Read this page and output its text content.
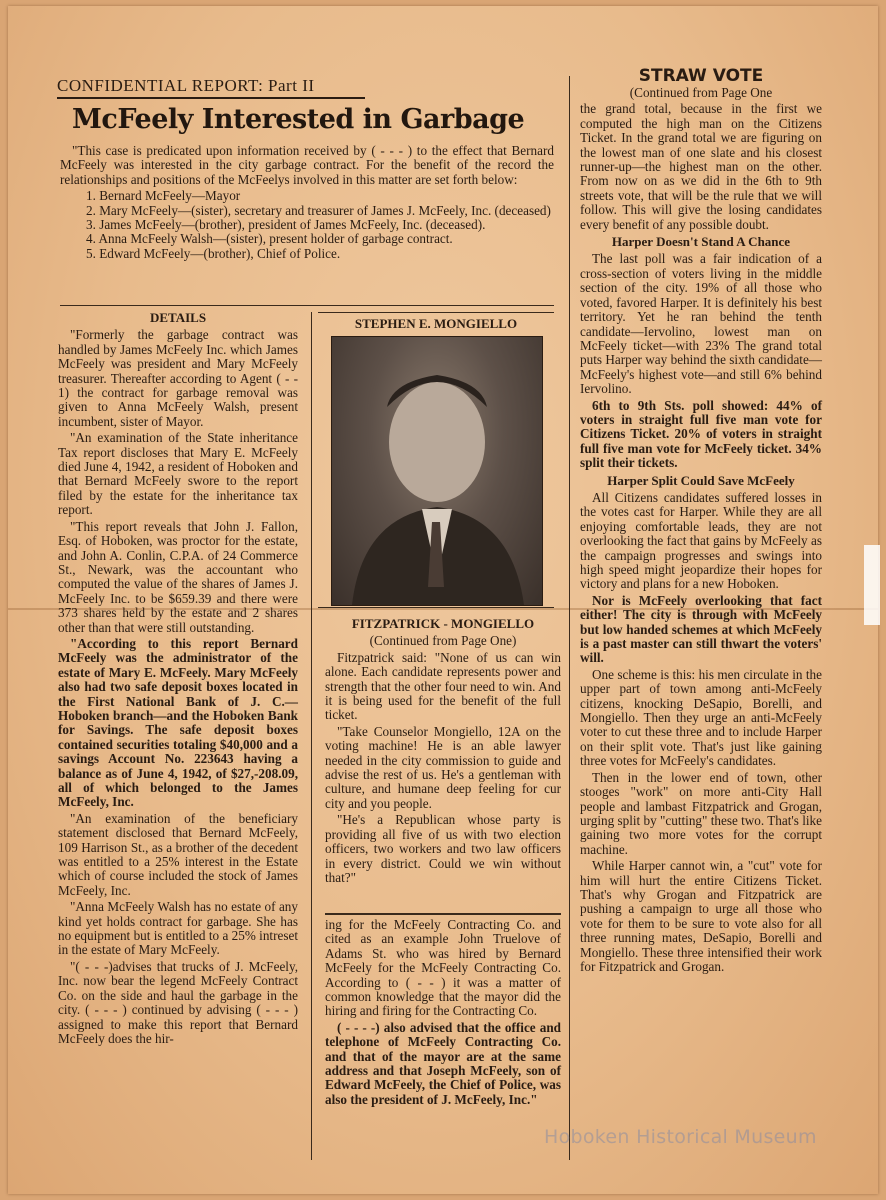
CONFIDENTIAL REPORT: Part II
McFeely Interested in Garbage

"This case is predicated upon information received by ( - - - ) to the effect that Bernard McFeely was interested in the city garbage contract. For the benefit of the record the relationships and positions of the McFeelys involved in this matter are set forth below:

1. Bernard McFeely—Mayor

2. Mary McFeely—(sister), secretary and treasurer of James J. McFeely, Inc. (deceased)

3. James McFeely—(brother), president of James McFeely, Inc. (deceased).

4. Anna McFeely Walsh—(sister), present holder of garbage contract.

5. Edward McFeely—(brother), Chief of Police.

DETAILS

"Formerly the garbage contract was handled by James McFeely Inc. which James McFeely was president and Mary McFeely treasurer. Thereafter according to Agent ( - - 1) the contract for garbage removal was given to Anna McFeely Walsh, present incumbent, sister of Mayor.

"An examination of the State inheritance Tax report discloses that Mary E. McFeely died June 4, 1942, a resident of Hoboken and that Bernard McFeely swore to the report filed by the estate for the inheritance tax report.

"This report reveals that John J. Fallon, Esq. of Hoboken, was proctor for the estate, and John A. Conlin, C.P.A. of 24 Commerce St., Newark, was the accountant who computed the value of the shares of James J. McFeely Inc. to be $659.39 and there were 373 shares held by the estate and 2 shares other than that were still outstanding.

"According to this report Bernard McFeely was the administrator of the estate of Mary E. McFeely. Mary McFeely also had two safe deposit boxes located in the First National Bank of J. C.—Hoboken branch—and the Hoboken Bank for Savings. The safe deposit boxes contained securities totaling $40,000 and a savings Account No. 223643 having a balance as of June 4, 1942, of $27,-208.09, all of which belonged to the James McFeely, Inc.

"An examination of the beneficiary statement disclosed that Bernard McFeely, 109 Harrison St., as a brother of the decedent was entitled to a 25% interest in the Estate which of course included the stock of James McFeely, Inc.

"Anna McFeely Walsh has no estate of any kind yet holds contract for garbage. She has no equipment but is entitled to a 25% intreset in the estate of Mary McFeely.

"( - - -)advises that trucks of J. McFeely, Inc. now bear the legend McFeely Contract Co. on the side and haul the garbage in the city. ( - - - ) continued by advising ( - - - ) assigned to make this report that Bernard McFeely does the hir-

STEPHEN E. MONGIELLO
FITZPATRICK - MONGIELLO

(Continued from Page One)

Fitzpatrick said: "None of us can win alone. Each candidate represents power and strength that the other four need to win. And it is being used for the benefit of the full ticket.

"Take Counselor Mongiello, 12A on the voting machine! He is an able lawyer needed in the city commission to guide and advise the rest of us. He's a gentleman with culture, and humane deep feeling for cur city and you people.

"He's a Republican whose party is providing all five of us with two election officers, two workers and two law officers in every district. Could we win without that?"

ing for the McFeely Contracting Co. and cited as an example John Truelove of Adams St. who was hired by Bernard McFeely for the McFeely Contracting Co. According to ( - - ) it was a matter of common knowledge that the mayor did the hiring and firing for the Contracting Co.

( - - - -) also advised that the office and telephone of McFeely Contracting Co. and that of the mayor are at the same address and that Joseph McFeely, son of Edward McFeely, the Chief of Police, was also the president of J. McFeely, Inc."

STRAW VOTE

(Continued from Page One

the grand total, because in the first we computed the high man on the Citizens Ticket. In the grand total we are figuring on the lowest man of one slate and his closest runner-up—the highest man on the other. From now on as we did in the 6th to 9th streets vote, that will be the rule that we will follow. This will give the losing candidates every benefit of any possible doubt.

Harper Doesn't Stand A Chance

The last poll was a fair indication of a cross-section of voters living in the middle section of the city. 19% of all those who voted, favored Harper. It is definitely his best territory. Yet he ran behind the tenth candidate—Iervolino, lowest man on McFeely ticket—with 23% The grand total puts Harper way behind the sixth candidate—McFeely's highest vote—and still 6% behind Iervolino.

6th to 9th Sts. poll showed: 44% of voters in straight full five man vote for Citizens Ticket. 20% of voters in straight full five man vote for McFeely ticket. 34% split their tickets.

Harper Split Could Save McFeely

All Citizens candidates suffered losses in the votes cast for Harper. While they are all enjoying comfortable leads, they are not overlooking the fact that gains by McFeely as the campaign progresses and swings into high speed might jeopardize their hopes for victory and plans for a new Hoboken.

Nor is McFeely overlooking that fact either! The city is through with McFeely but low handed schemes at which McFeely is a past master can still thwart the voters' will.

One scheme is this: his men circulate in the upper part of town among anti-McFeely citizens, knocking DeSapio, Borelli, and Mongiello. Then they urge an anti-McFeely voter to cut these three and to include Harper on their split vote. That's just like gaining three votes for McFeely's candidates.

Then in the lower end of town, other stooges "work" on more anti-City Hall people and lambast Fitzpatrick and Grogan, urging split by "cutting" these two. That's like gaining two more votes for the corrupt machine.

While Harper cannot win, a "cut" vote for him will hurt the entire Citizens Ticket. That's why Grogan and Fitzpatrick are pushing a campaign to urge all those who vote for them to be sure to vote also for all three running mates, DeSapio, Borelli and Mongiello. These three intensified their work for Fitzpatrick and Grogan.

Hoboken Historical Museum
